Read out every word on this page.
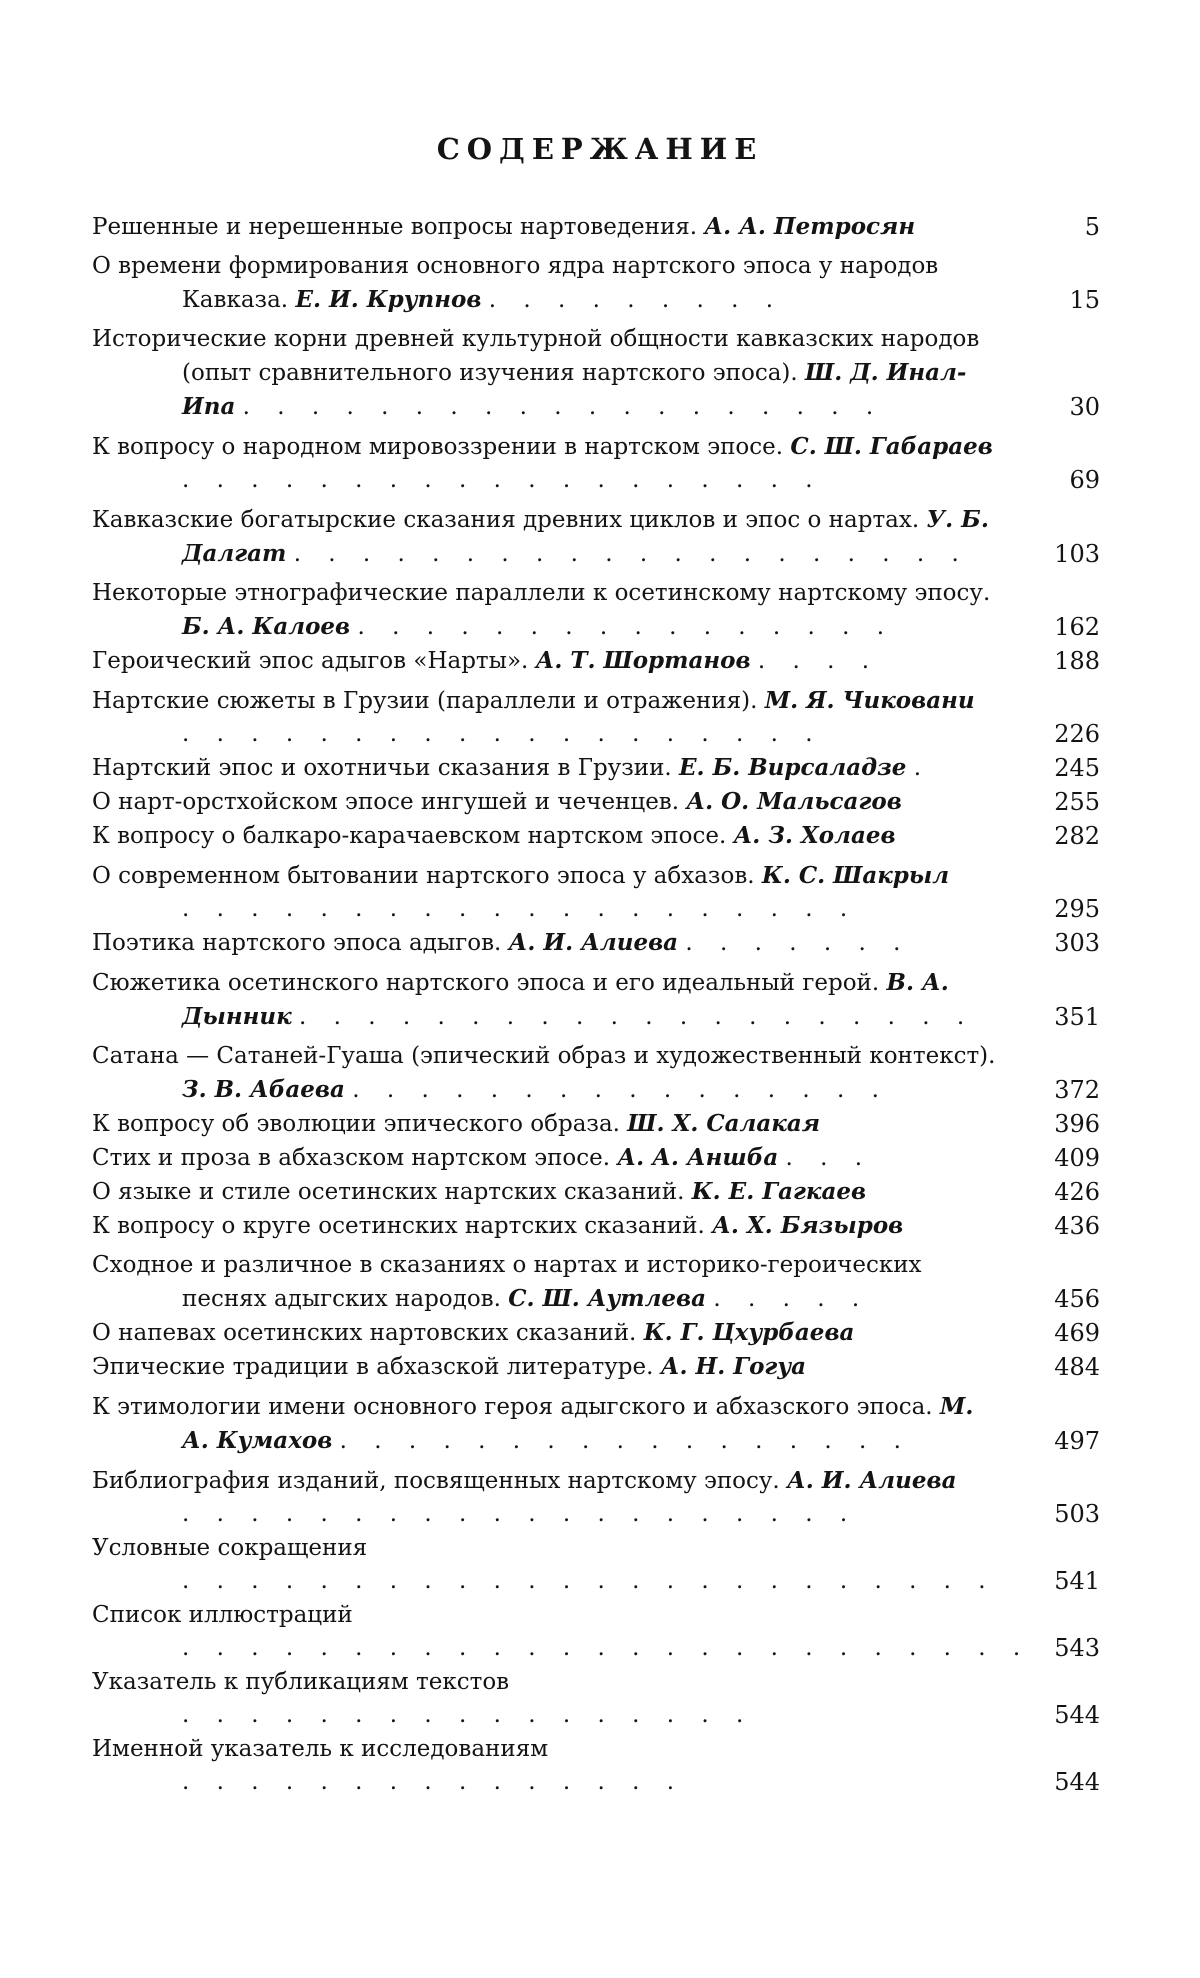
СОДЕРЖАНИЕ
Решенные и нерешенные вопросы нартоведения. А. А. Петросян	5
О времени формирования основного ядра нартского эпоса у народов Кавказа. Е. И. Крупнов . . . . . . . . .	15
Исторические корни древней культурной общности кавказских народов (опыт сравнительного изучения нартского эпоса). Ш. Д. Инал-Ипа . . . . . . . . . . . . . . . . . . .	30
К вопросу о народном мировоззрении в нартском эпосе. С. Ш. Габараев . . . . . . . . . . . . . . . . . . .	69
Кавказские богатырские сказания древних циклов и эпос о нартах. У. Б. Далгат . . . . . . . . . . . . . . . . . . . .	103
Некоторые этнографические параллели к осетинскому нартскому эпосу. Б. А. Калоев . . . . . . . . . . . . . . . .	162
Героический эпос адыгов «Нарты». А. Т. Шортанов . . . .	188
Нартские сюжеты в Грузии (параллели и отражения). М. Я. Чиковани . . . . . . . . . . . . . . . . . . .	226
Нартский эпос и охотничьи сказания в Грузии. Е. Б. Вирсаладзе .	245
О нарт-орстхойском эпосе ингушей и чеченцев. А. О. Мальсагов	255
К вопросу о балкаро-карачаевском нартском эпосе. А. З. Холаев	282
О современном бытовании нартского эпоса у абхазов. К. С. Шакрыл . . . . . . . . . . . . . . . . . . . .	295
Поэтика нартского эпоса адыгов. А. И. Алиева . . . . . . .	303
Сюжетика осетинского нартского эпоса и его идеальный герой. В. А. Дынник . . . . . . . . . . . . . . . . . . . .	351
Сатана — Сатаней-Гуаша (эпический образ и художественный контекст). З. В. Абаева . . . . . . . . . . . . . . . .	372
К вопросу об эволюции эпического образа. Ш. Х. Салакая	396
Стих и проза в абхазском нартском эпосе. А. А. Аншба . . .	409
О языке и стиле осетинских нартских сказаний. К. Е. Гагкаев	426
К вопросу о круге осетинских нартских сказаний. А. Х. Бязыров	436
Сходное и различное в сказаниях о нартах и историко-героических песнях адыгских народов. С. Ш. Аутлева . . . . .	456
О напевах осетинских нартовских сказаний. К. Г. Цхурбаева	469
Эпические традиции в абхазской литературе. А. Н. Гогуа	484
К этимологии имени основного героя адыгского и абхазского эпоса. М. А. Кумахов . . . . . . . . . . . . . . . . .	497
Библиография изданий, посвященных нартскому эпосу. А. И. Алиева . . . . . . . . . . . . . . . . . . . .	503
Условные сокращения . . . . . . . . . . . . . . . . . . . . . . . .	541
Список иллюстраций . . . . . . . . . . . . . . . . . . . . . . . . . 543
Указатель к публикациям текстов . . . . . . . . . . . . . . . . .	544
Именной указатель к исследованиям . . . . . . . . . . . . . . .	544
